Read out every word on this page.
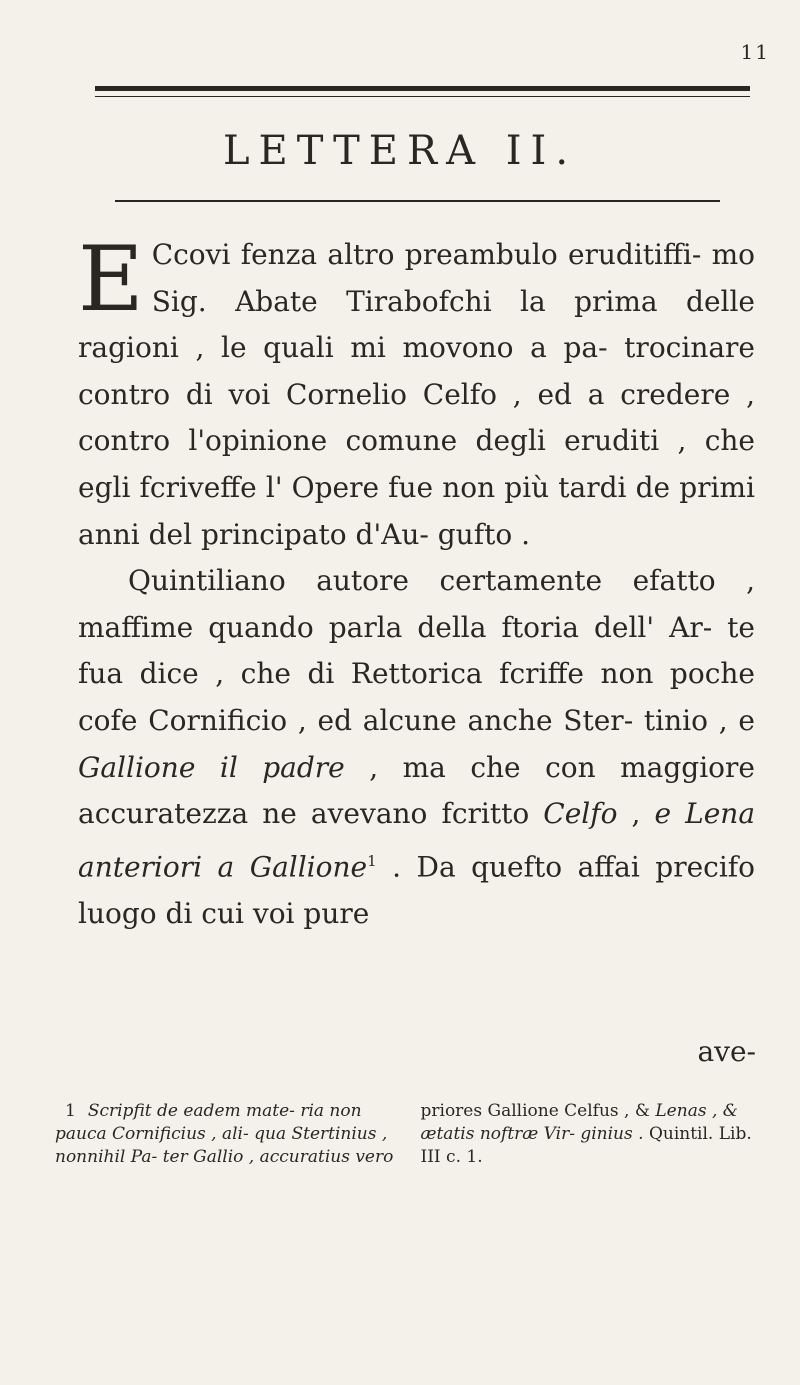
11
LETTERA II.

E Ccovi fenza altro preambulo eruditiffi- mo Sig. Abate Tirabofchi la prima delle ragioni , le quali mi movono a pa- trocinare contro di voi Cornelio Celfo , ed a credere , contro l'opinione comune degli eruditi , che egli fcriveffe l' Opere fue non più tardi de primi anni del principato d'Au- gufto .

Quintiliano autore certamente efatto , maffime quando parla della ftoria dell' Ar- te fua dice , che di Rettorica fcriffe non poche cofe Cornificio , ed alcune anche Ster- tinio , e Gallione il padre , ma che con maggiore accuratezza ne avevano fcritto Celfo , e Lena anteriori a Gallione$^1$ . Da quefto affai precifo luogo di cui voi pure

ave-

1 Scripfit de eadem mate- ria non pauca Cornificius , ali- qua Stertinius , nonnihil Pa- ter Gallio , accuratius vero

priores Gallione Celfus , & Lenas , & ætatis noftræ Vir- ginius . Quintil. Lib. III c. 1.
